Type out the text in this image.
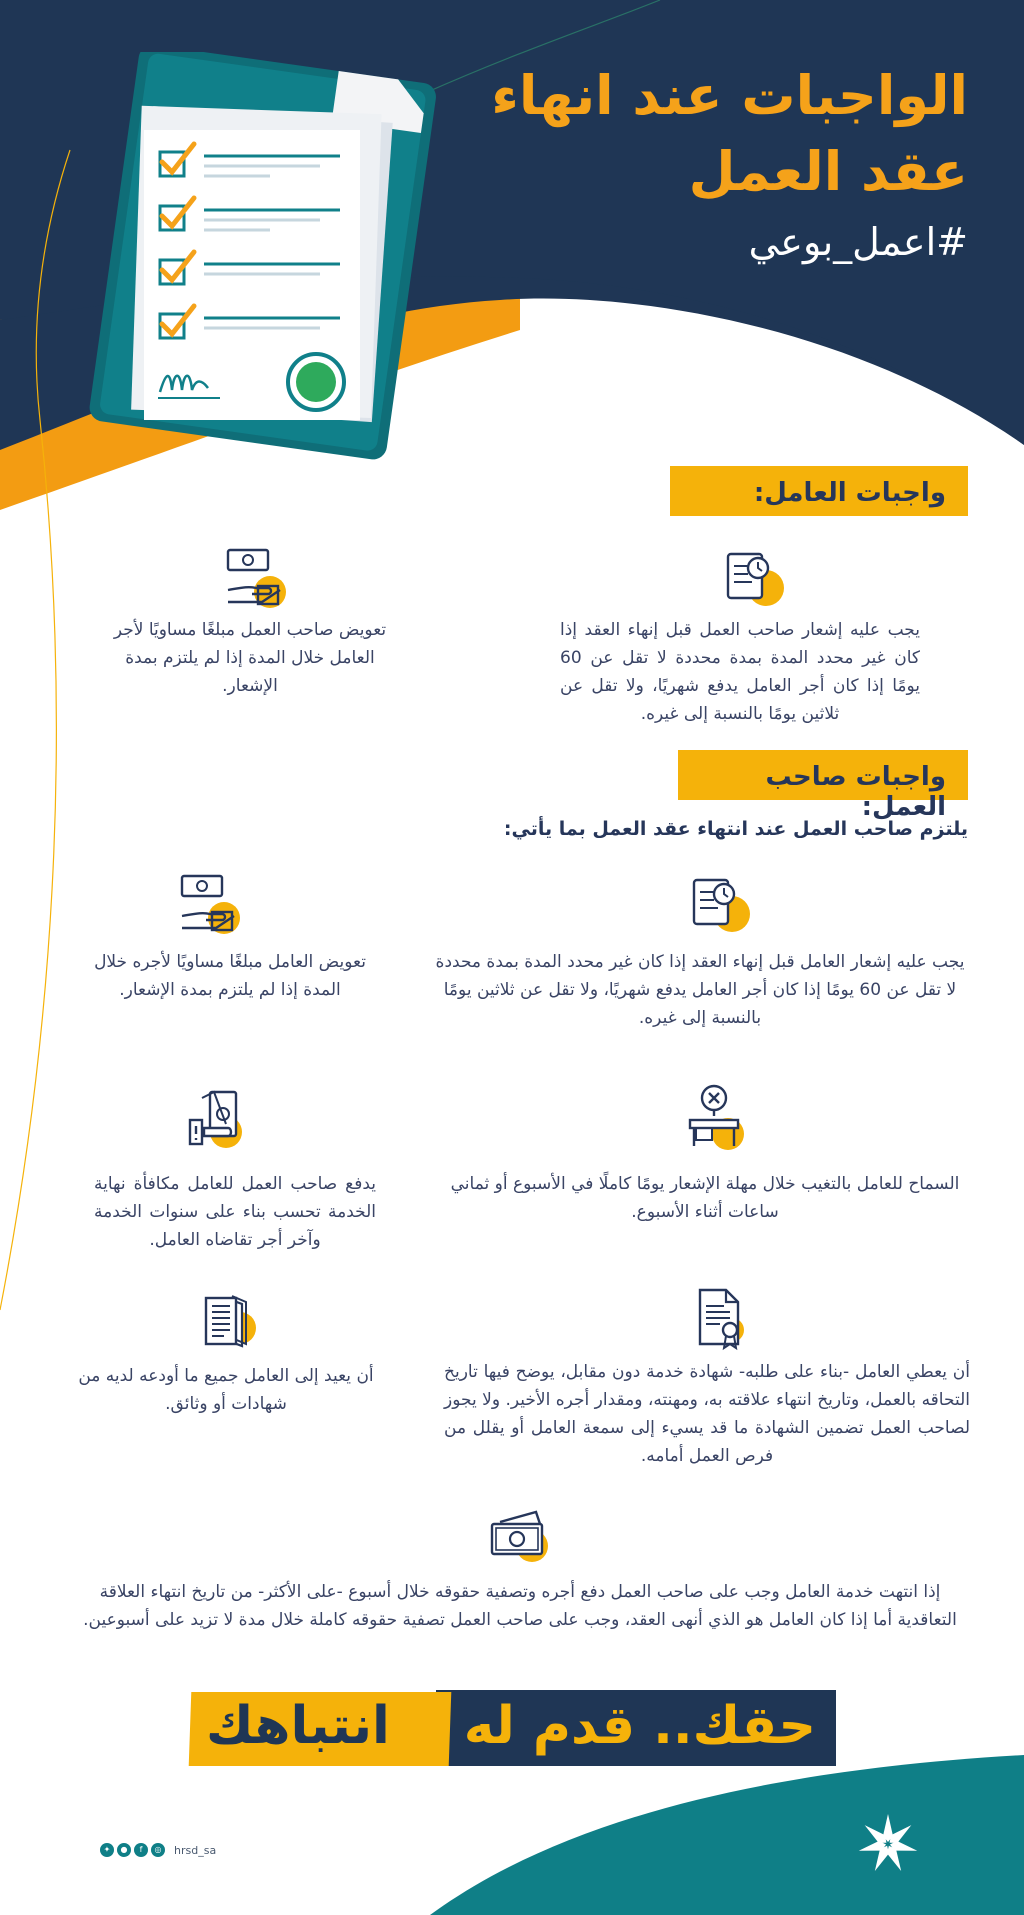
الواجبات عند انهاء
عقد العمل
#اعمل_بوعي
واجبات العامل:
يجب عليه إشعار صاحب العمل قبل إنهاء العقد إذا كان غير محدد المدة بمدة محددة لا تقل عن 60 يومًا إذا كان أجر العامل يدفع شهريًا، ولا تقل عن ثلاثين يومًا بالنسبة إلى غيره.
تعويض صاحب العمل مبلغًا مساويًا لأجر العامل خلال المدة إذا لم يلتزم بمدة الإشعار.
واجبات صاحب العمل:
يلتزم صاحب العمل عند انتهاء عقد العمل بما يأتي:
يجب عليه إشعار العامل قبل إنهاء العقد إذا كان غير محدد المدة بمدة محددة لا تقل عن 60 يومًا إذا كان أجر العامل يدفع شهريًا، ولا تقل عن ثلاثين يومًا بالنسبة إلى غيره.
تعويض العامل مبلغًا مساويًا لأجره خلال المدة إذا لم يلتزم بمدة الإشعار.
السماح للعامل بالتغيب خلال مهلة الإشعار يومًا كاملًا في الأسبوع أو ثماني ساعات أثناء الأسبوع.
يدفع صاحب العمل للعامل مكافأة نهاية الخدمة تحسب بناء على سنوات الخدمة وآخر أجر تقاضاه العامل.
أن يعطي العامل -بناء على طلبه- شهادة خدمة دون مقابل، يوضح فيها تاريخ التحاقه بالعمل، وتاريخ انتهاء علاقته به، ومهنته، ومقدار أجره الأخير. ولا يجوز لصاحب العمل تضمين الشهادة ما قد يسيء إلى سمعة العامل أو يقلل من فرص العمل أمامه.
أن يعيد إلى العامل جميع ما أودعه لديه من شهادات أو وثائق.
إذا انتهت خدمة العامل وجب على صاحب العمل دفع أجره وتصفية حقوقه خلال أسبوع -على الأكثر- من تاريخ انتهاء العلاقة التعاقدية أما إذا كان العامل هو الذي أنهى العقد، وجب على صاحب العمل تصفية حقوقه كاملة خلال مدة لا تزيد على أسبوعين.
حقك.. قدم له
انتباهك
hrsd_sa
◎
f
●
✦
